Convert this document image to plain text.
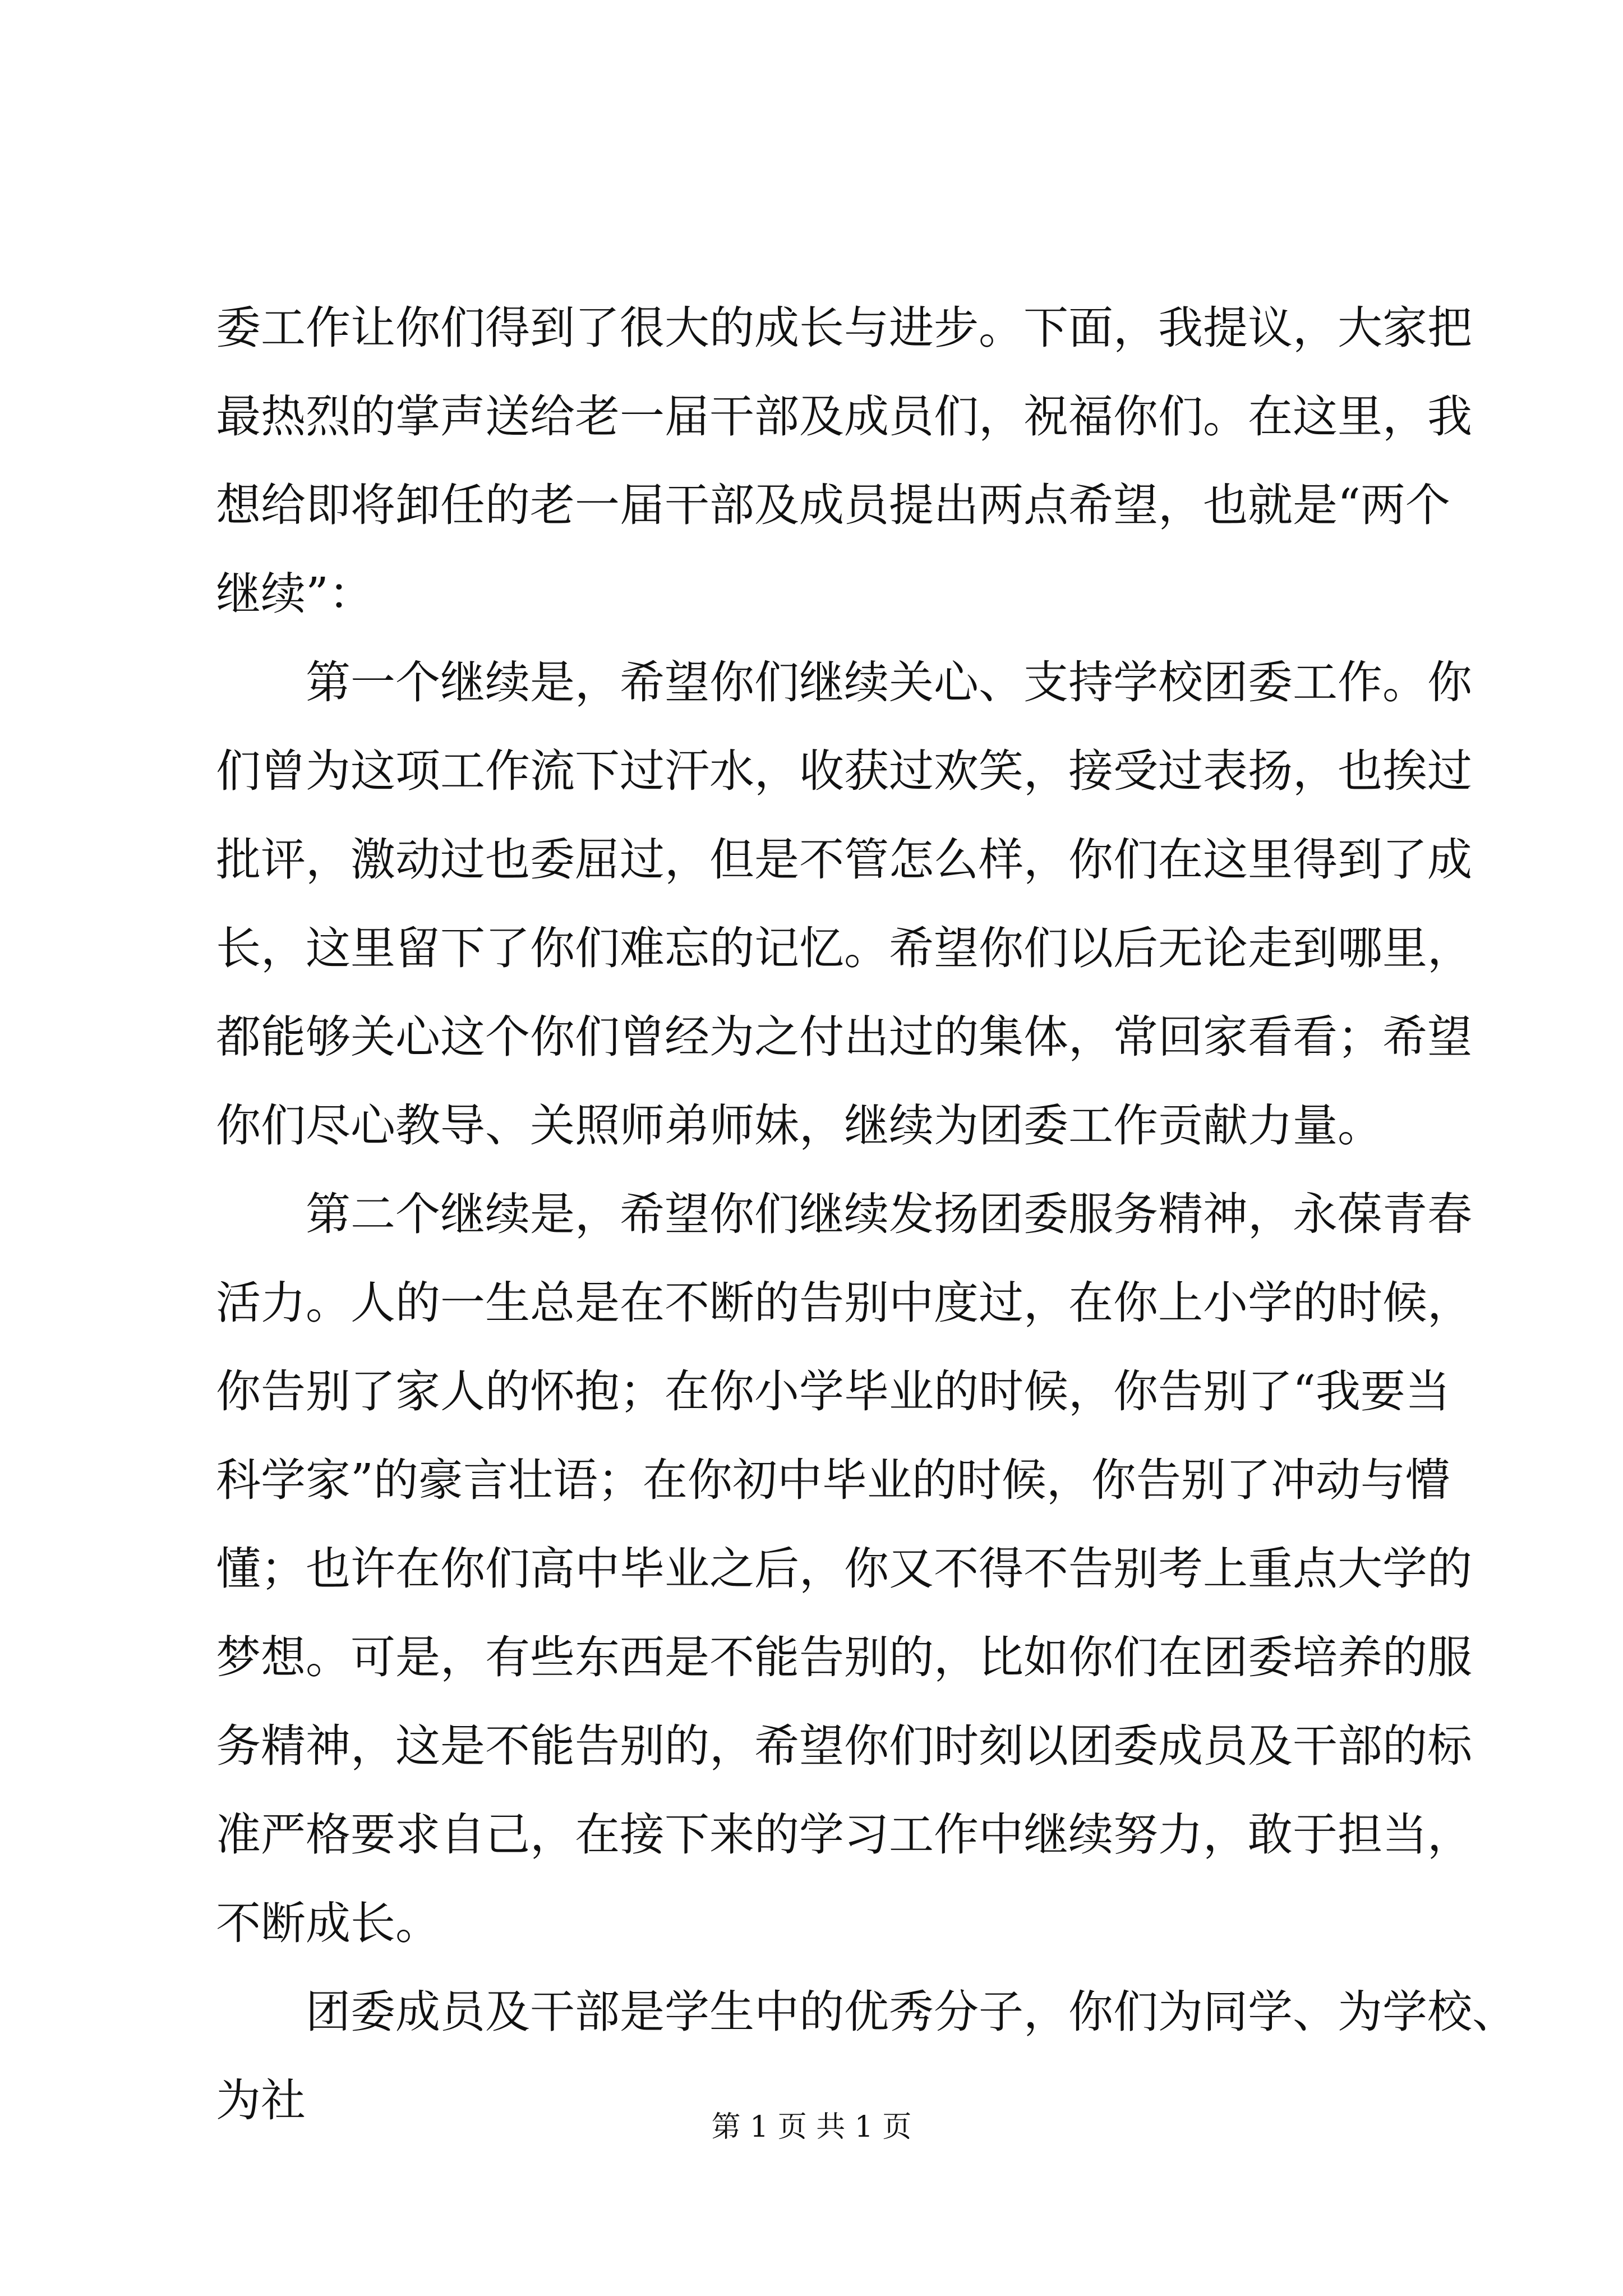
委工作让你们得到了很大的成长与进步。下面，我提议，大家把
最热烈的掌声送给老一届干部及成员们，祝福你们。在这里，我
想给即将卸任的老一届干部及成员提出两点希望，也就是“两个
继续”：
第一个继续是，希望你们继续关心、支持学校团委工作。你
们曾为这项工作流下过汗水，收获过欢笑，接受过表扬，也挨过
批评，激动过也委屈过，但是不管怎么样，你们在这里得到了成
长，这里留下了你们难忘的记忆。希望你们以后无论走到哪里，
都能够关心这个你们曾经为之付出过的集体，常回家看看；希望
你们尽心教导、关照师弟师妹，继续为团委工作贡献力量。
第二个继续是，希望你们继续发扬团委服务精神，永葆青春
活力。人的一生总是在不断的告别中度过，在你上小学的时候，
你告别了家人的怀抱；在你小学毕业的时候，你告别了“我要当
科学家”的豪言壮语；在你初中毕业的时候，你告别了冲动与懵
懂；也许在你们高中毕业之后，你又不得不告别考上重点大学的
梦想。可是，有些东西是不能告别的，比如你们在团委培养的服
务精神，这是不能告别的，希望你们时刻以团委成员及干部的标
准严格要求自己，在接下来的学习工作中继续努力，敢于担当，
不断成长。
团委成员及干部是学生中的优秀分子，你们为同学、为学校、
为社
第 1 页 共 1 页
